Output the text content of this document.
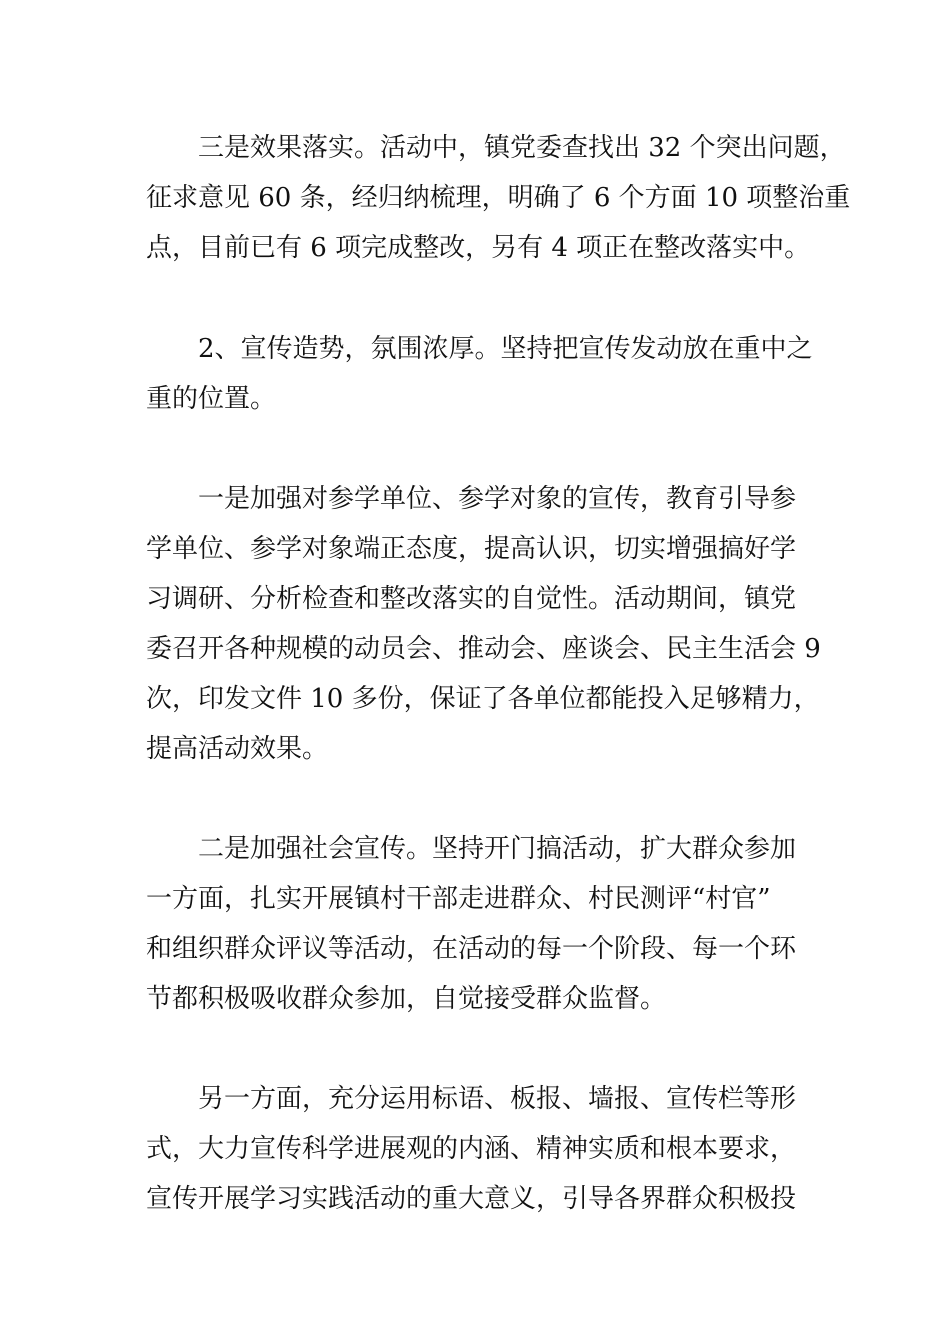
三是效果落实。活动中，镇党委查找出 32 个突出问题，
征求意见 60 条，经归纳梳理，明确了 6 个方面 10 项整治重
点，目前已有 6 项完成整改，另有 4 项正在整改落实中。
2、宣传造势，氛围浓厚。坚持把宣传发动放在重中之
重的位置。
一是加强对参学单位、参学对象的宣传，教育引导参
学单位、参学对象端正态度，提高认识，切实增强搞好学
习调研、分析检查和整改落实的自觉性。活动期间，镇党
委召开各种规模的动员会、推动会、座谈会、民主生活会 9
次，印发文件 10 多份，保证了各单位都能投入足够精力，
提高活动效果。
二是加强社会宣传。坚持开门搞活动，扩大群众参加
一方面，扎实开展镇村干部走进群众、村民测评“村官”
和组织群众评议等活动，在活动的每一个阶段、每一个环
节都积极吸收群众参加，自觉接受群众监督。
另一方面，充分运用标语、板报、墙报、宣传栏等形
式，大力宣传科学进展观的内涵、精神实质和根本要求，
宣传开展学习实践活动的重大意义，引导各界群众积极投
